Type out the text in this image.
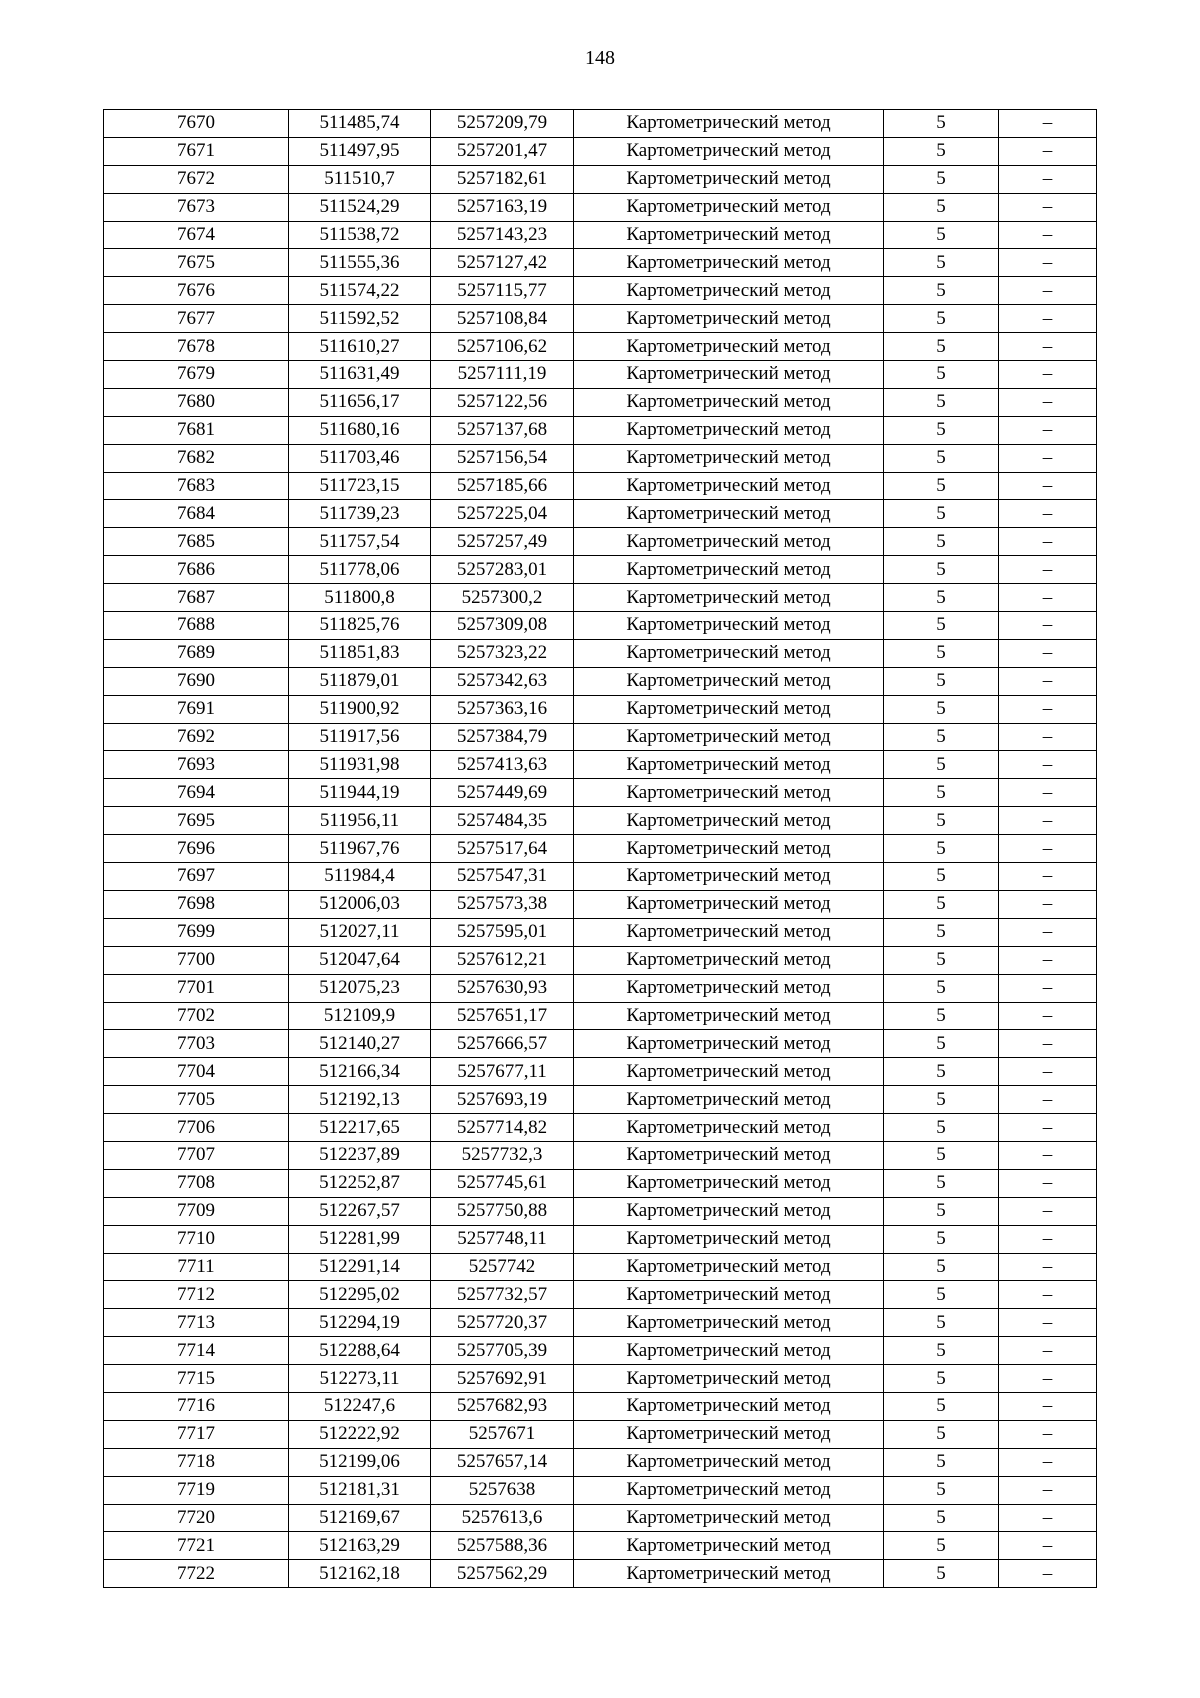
148
7670	511485,74	5257209,79	Картометрический метод	5	–
7671	511497,95	5257201,47	Картометрический метод	5	–
7672	511510,7	5257182,61	Картометрический метод	5	–
7673	511524,29	5257163,19	Картометрический метод	5	–
7674	511538,72	5257143,23	Картометрический метод	5	–
7675	511555,36	5257127,42	Картометрический метод	5	–
7676	511574,22	5257115,77	Картометрический метод	5	–
7677	511592,52	5257108,84	Картометрический метод	5	–
7678	511610,27	5257106,62	Картометрический метод	5	–
7679	511631,49	5257111,19	Картометрический метод	5	–
7680	511656,17	5257122,56	Картометрический метод	5	–
7681	511680,16	5257137,68	Картометрический метод	5	–
7682	511703,46	5257156,54	Картометрический метод	5	–
7683	511723,15	5257185,66	Картометрический метод	5	–
7684	511739,23	5257225,04	Картометрический метод	5	–
7685	511757,54	5257257,49	Картометрический метод	5	–
7686	511778,06	5257283,01	Картометрический метод	5	–
7687	511800,8	5257300,2	Картометрический метод	5	–
7688	511825,76	5257309,08	Картометрический метод	5	–
7689	511851,83	5257323,22	Картометрический метод	5	–
7690	511879,01	5257342,63	Картометрический метод	5	–
7691	511900,92	5257363,16	Картометрический метод	5	–
7692	511917,56	5257384,79	Картометрический метод	5	–
7693	511931,98	5257413,63	Картометрический метод	5	–
7694	511944,19	5257449,69	Картометрический метод	5	–
7695	511956,11	5257484,35	Картометрический метод	5	–
7696	511967,76	5257517,64	Картометрический метод	5	–
7697	511984,4	5257547,31	Картометрический метод	5	–
7698	512006,03	5257573,38	Картометрический метод	5	–
7699	512027,11	5257595,01	Картометрический метод	5	–
7700	512047,64	5257612,21	Картометрический метод	5	–
7701	512075,23	5257630,93	Картометрический метод	5	–
7702	512109,9	5257651,17	Картометрический метод	5	–
7703	512140,27	5257666,57	Картометрический метод	5	–
7704	512166,34	5257677,11	Картометрический метод	5	–
7705	512192,13	5257693,19	Картометрический метод	5	–
7706	512217,65	5257714,82	Картометрический метод	5	–
7707	512237,89	5257732,3	Картометрический метод	5	–
7708	512252,87	5257745,61	Картометрический метод	5	–
7709	512267,57	5257750,88	Картометрический метод	5	–
7710	512281,99	5257748,11	Картометрический метод	5	–
7711	512291,14	5257742	Картометрический метод	5	–
7712	512295,02	5257732,57	Картометрический метод	5	–
7713	512294,19	5257720,37	Картометрический метод	5	–
7714	512288,64	5257705,39	Картометрический метод	5	–
7715	512273,11	5257692,91	Картометрический метод	5	–
7716	512247,6	5257682,93	Картометрический метод	5	–
7717	512222,92	5257671	Картометрический метод	5	–
7718	512199,06	5257657,14	Картометрический метод	5	–
7719	512181,31	5257638	Картометрический метод	5	–
7720	512169,67	5257613,6	Картометрический метод	5	–
7721	512163,29	5257588,36	Картометрический метод	5	–
7722	512162,18	5257562,29	Картометрический метод	5	–
